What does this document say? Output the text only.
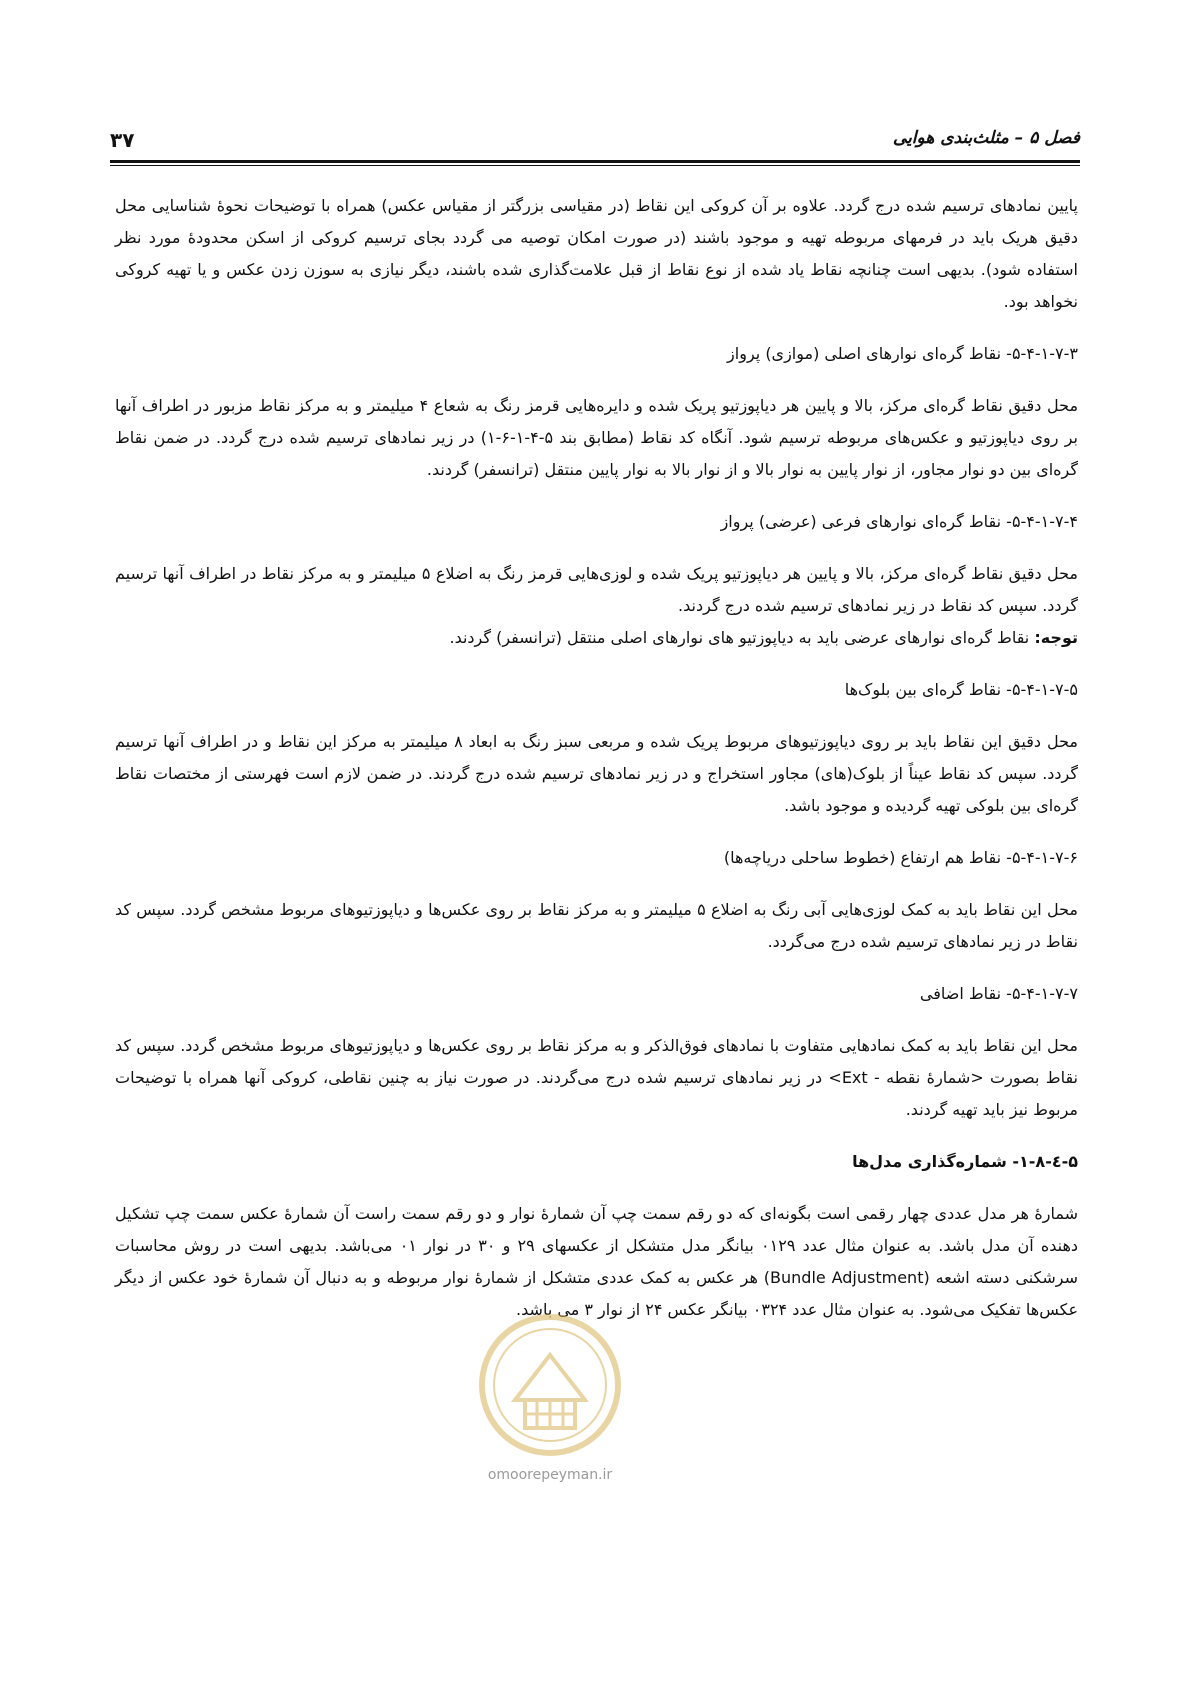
فصل ۵ – مثلث‌بندی هوایی
۳۷

پایین نمادهای ترسیم شده درج گردد. علاوه بر آن کروکی این نقاط (در مقیاسی بزرگتر از مقیاس عکس) همراه با توضیحات نحوهٔ شناسایی محل دقیق هریک باید در فرمهای مربوطه تهیه و موجود باشند (در صورت امکان توصیه می گردد بجای ترسیم کروکی از اسکن محدودهٔ مورد نظر استفاده شود). بدیهی است چنانچه نقاط یاد شده از نوع نقاط از قبل علامت‌گذاری شده باشند، دیگر نیازی به سوزن زدن عکس و یا تهیه کروکی نخواهد بود.

۵-۴-۱-۷-۳- نقاط گره‌ای نوارهای اصلی (موازی) پرواز

محل دقیق نقاط گره‌ای مرکز، بالا و پایین هر دیاپوزتیو پریک شده و دایره‌هایی قرمز رنگ به شعاع ۴ میلیمتر و به مرکز نقاط مزبور در اطراف آنها بر روی دیاپوزتیو و عکس‌های مربوطه ترسیم شود. آنگاه کد نقاط (مطابق بند ۵-۴-۱-۶-۱) در زیر نمادهای ترسیم شده درج گردد. در ضمن نقاط گره‌ای بین دو نوار مجاور، از نوار پایین به نوار بالا و از نوار بالا به نوار پایین منتقل (ترانسفر) گردند.

۵-۴-۱-۷-۴- نقاط گره‌ای نوارهای فرعی (عرضی) پرواز

محل دقیق نقاط گره‌ای مرکز، بالا و پایین هر دیاپوزتیو پریک شده و لوزی‌هایی قرمز رنگ به اضلاع ۵ میلیمتر و به مرکز نقاط در اطراف آنها ترسیم گردد. سپس کد نقاط در زیر نمادهای ترسیم شده درج گردند.

توجه: نقاط گره‌ای نوارهای عرضی باید به دیاپوزتیو های نوارهای اصلی منتقل (ترانسفر) گردند.

۵-۴-۱-۷-۵- نقاط گره‌ای بین بلوک‌ها

محل دقیق این نقاط باید بر روی دیاپوزتیوهای مربوط پریک شده و مربعی سبز رنگ به ابعاد ۸ میلیمتر به مرکز این نقاط و در اطراف آنها ترسیم گردد. سپس کد نقاط عیناً از بلوک(های) مجاور استخراج و در زیر نمادهای ترسیم شده درج گردند. در ضمن لازم است فهرستی از مختصات نقاط گره‌ای بین بلوکی تهیه گردیده و موجود باشد.

۵-۴-۱-۷-۶- نقاط هم ارتفاع (خطوط ساحلی دریاچه‌ها)

محل این نقاط باید به کمک لوزی‌هایی آبی رنگ به اضلاع ۵ میلیمتر و به مرکز نقاط بر روی عکس‌ها و دیاپوزتیوهای مربوط مشخص گردد. سپس کد نقاط در زیر نمادهای ترسیم شده درج می‌گردد.

۵-۴-۱-۷-۷- نقاط اضافی

محل این نقاط باید به کمک نمادهایی متفاوت با نمادهای فوق‌الذکر و به مرکز نقاط بر روی عکس‌ها و دیاپوزتیوهای مربوط مشخص گردد. سپس کد نقاط بصورت <شمارهٔ نقطه - Ext> در زیر نمادهای ترسیم شده درج می‌گردند. در صورت نیاز به چنین نقاطی، کروکی آنها همراه با توضیحات مربوط نیز باید تهیه گردند.

۵-٤-۱-۸- شماره‌گذاری مدل‌ها

شمارهٔ هر مدل عددی چهار رقمی است بگونه‌ای که دو رقم سمت چپ آن شمارهٔ نوار و دو رقم سمت راست آن شمارهٔ عکس سمت چپ تشکیل دهنده آن مدل باشد. به عنوان مثال عدد ۰۱۲۹ بیانگر مدل متشکل از عکسهای ۲۹ و ۳۰ در نوار ۰۱ می‌باشد. بدیهی است در روش محاسبات سرشکنی دسته اشعه (Bundle Adjustment) هر عکس به کمک عددی متشکل از شمارهٔ نوار مربوطه و به دنبال آن شمارهٔ خود عکس از دیگر عکس‌ها تفکیک می‌شود. به عنوان مثال عدد ۰۳۲۴ بیانگر عکس ۲۴ از نوار ۳ می باشد.

omoorepeyman.ir
